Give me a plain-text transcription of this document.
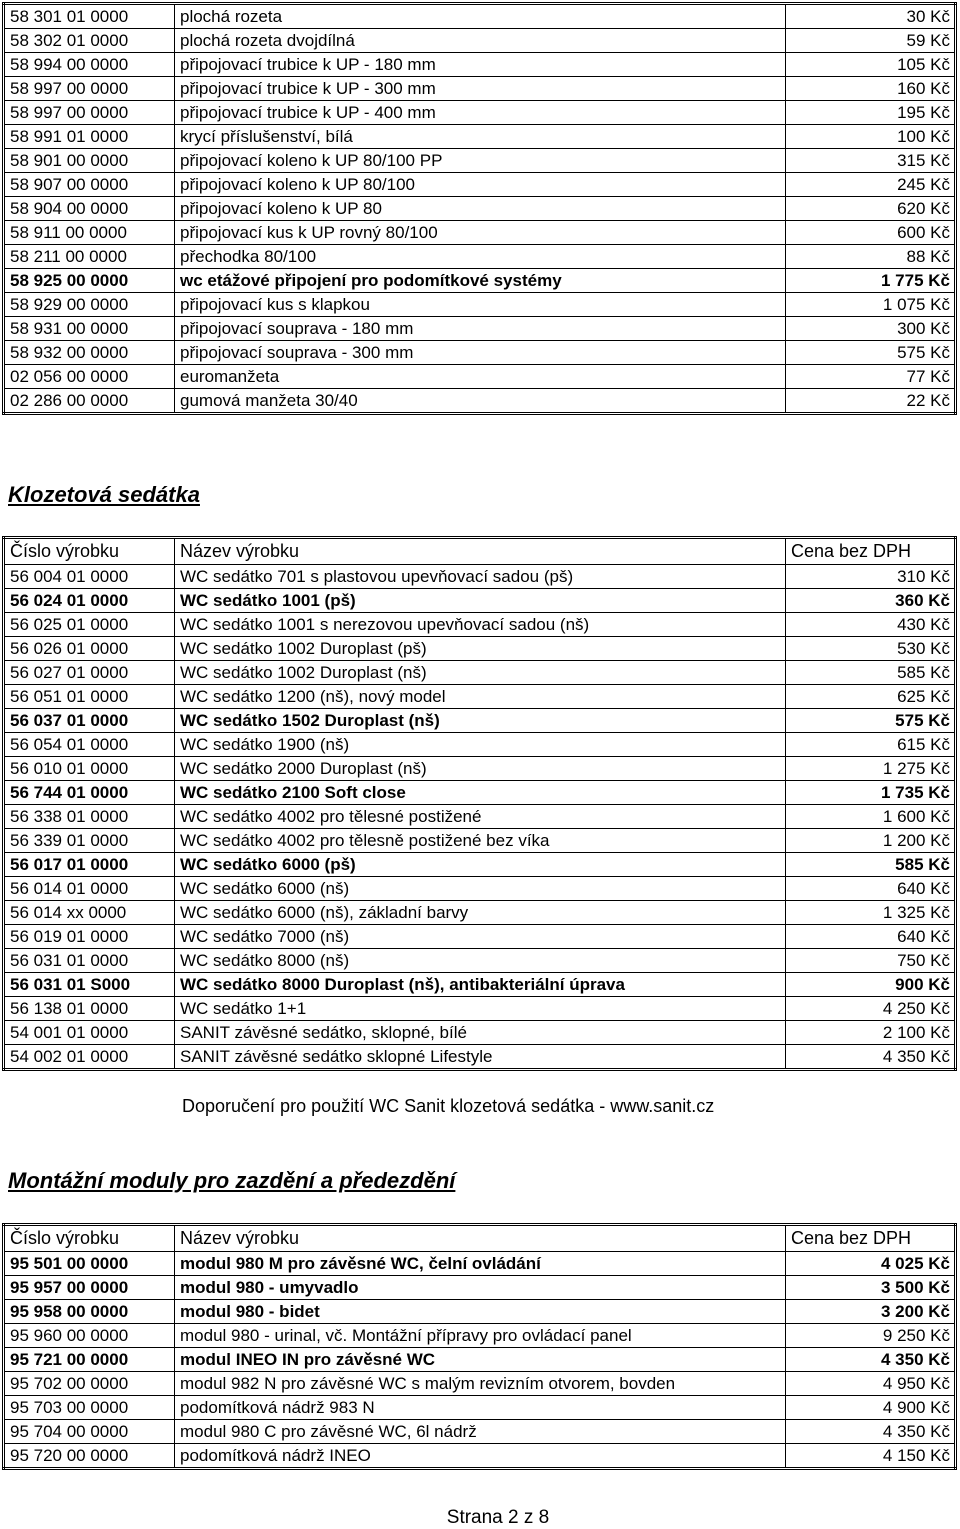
58 301 01 0000	plochá rozeta	30 Kč
58 302 01 0000	plochá rozeta dvojdílná	59 Kč
58 994 00 0000	připojovací trubice k UP - 180 mm	105 Kč
58 997 00 0000	připojovací trubice k UP - 300 mm	160 Kč
58 997 00 0000	připojovací trubice k UP - 400 mm	195 Kč
58 991 01 0000	krycí příslušenství, bílá	100 Kč
58 901 00 0000	připojovací koleno k UP 80/100 PP	315 Kč
58 907 00 0000	připojovací koleno k UP 80/100	245 Kč
58 904 00 0000	připojovací koleno k UP 80	620 Kč
58 911 00 0000	připojovací kus k UP rovný 80/100	600 Kč
58 211 00 0000	přechodka 80/100	88 Kč
58 925 00 0000	wc etážové připojení pro podomítkové systémy	1 775 Kč
58 929 00 0000	připojovací kus s klapkou	1 075 Kč
58 931 00 0000	připojovací souprava - 180 mm	300 Kč
58 932 00 0000	připojovací souprava - 300 mm	575 Kč
02 056 00 0000	euromanžeta	77 Kč
02 286 00 0000	gumová manžeta 30/40	22 Kč
Klozetová sedátka
Číslo výrobku	Název výrobku	Cena bez DPH
56 004 01 0000	WC sedátko 701 s plastovou upevňovací sadou (pš)	310 Kč
56 024 01 0000	WC sedátko 1001 (pš)	360 Kč
56 025 01 0000	WC sedátko 1001 s nerezovou upevňovací sadou (nš)	430 Kč
56 026 01 0000	WC sedátko 1002 Duroplast (pš)	530 Kč
56 027 01 0000	WC sedátko 1002 Duroplast (nš)	585 Kč
56 051 01 0000	WC sedátko 1200 (nš), nový model	625 Kč
56 037 01 0000	WC sedátko 1502 Duroplast (nš)	575 Kč
56 054 01 0000	WC sedátko 1900 (nš)	615 Kč
56 010 01 0000	WC sedátko 2000 Duroplast (nš)	1 275 Kč
56 744 01 0000	WC sedátko 2100 Soft close	1 735 Kč
56 338 01 0000	WC sedátko 4002 pro tělesné postižené	1 600 Kč
56 339 01 0000	WC sedátko 4002 pro tělesně postižené bez víka	1 200 Kč
56 017 01 0000	WC sedátko 6000 (pš)	585 Kč
56 014 01 0000	WC sedátko 6000 (nš)	640 Kč
56 014 xx 0000	WC sedátko 6000 (nš), základní barvy	1 325 Kč
56 019 01 0000	WC sedátko 7000 (nš)	640 Kč
56 031 01 0000	WC sedátko 8000 (nš)	750 Kč
56 031 01 S000	WC sedátko 8000 Duroplast (nš), antibakteriální úprava	900 Kč
56 138 01 0000	WC sedátko 1+1	4 250 Kč
54 001 01 0000	SANIT závěsné sedátko, sklopné, bílé	2 100 Kč
54 002 01 0000	SANIT závěsné sedátko sklopné Lifestyle	4 350 Kč
Doporučení pro použití WC Sanit klozetová sedátka - www.sanit.cz
Montážní moduly pro zazdění a předezdění
Číslo výrobku	Název výrobku	Cena bez DPH
95 501 00 0000	modul 980 M pro závěsné WC, čelní ovládání	4 025 Kč
95 957 00 0000	modul 980 - umyvadlo	3 500 Kč
95 958 00 0000	modul 980 - bidet	3 200 Kč
95 960 00 0000	modul 980 - urinal, vč. Montážní přípravy pro ovládací panel	9 250 Kč
95 721 00 0000	modul INEO IN pro závěsné WC	4 350 Kč
95 702 00 0000	modul 982 N pro závěsné WC s malým revizním otvorem, bovden	4 950 Kč
95 703 00 0000	podomítková nádrž 983 N	4 900 Kč
95 704 00 0000	modul 980 C pro závěsné WC, 6l nádrž	4 350 Kč
95 720 00 0000	podomítková nádrž INEO	4 150 Kč
Strana 2 z 8
